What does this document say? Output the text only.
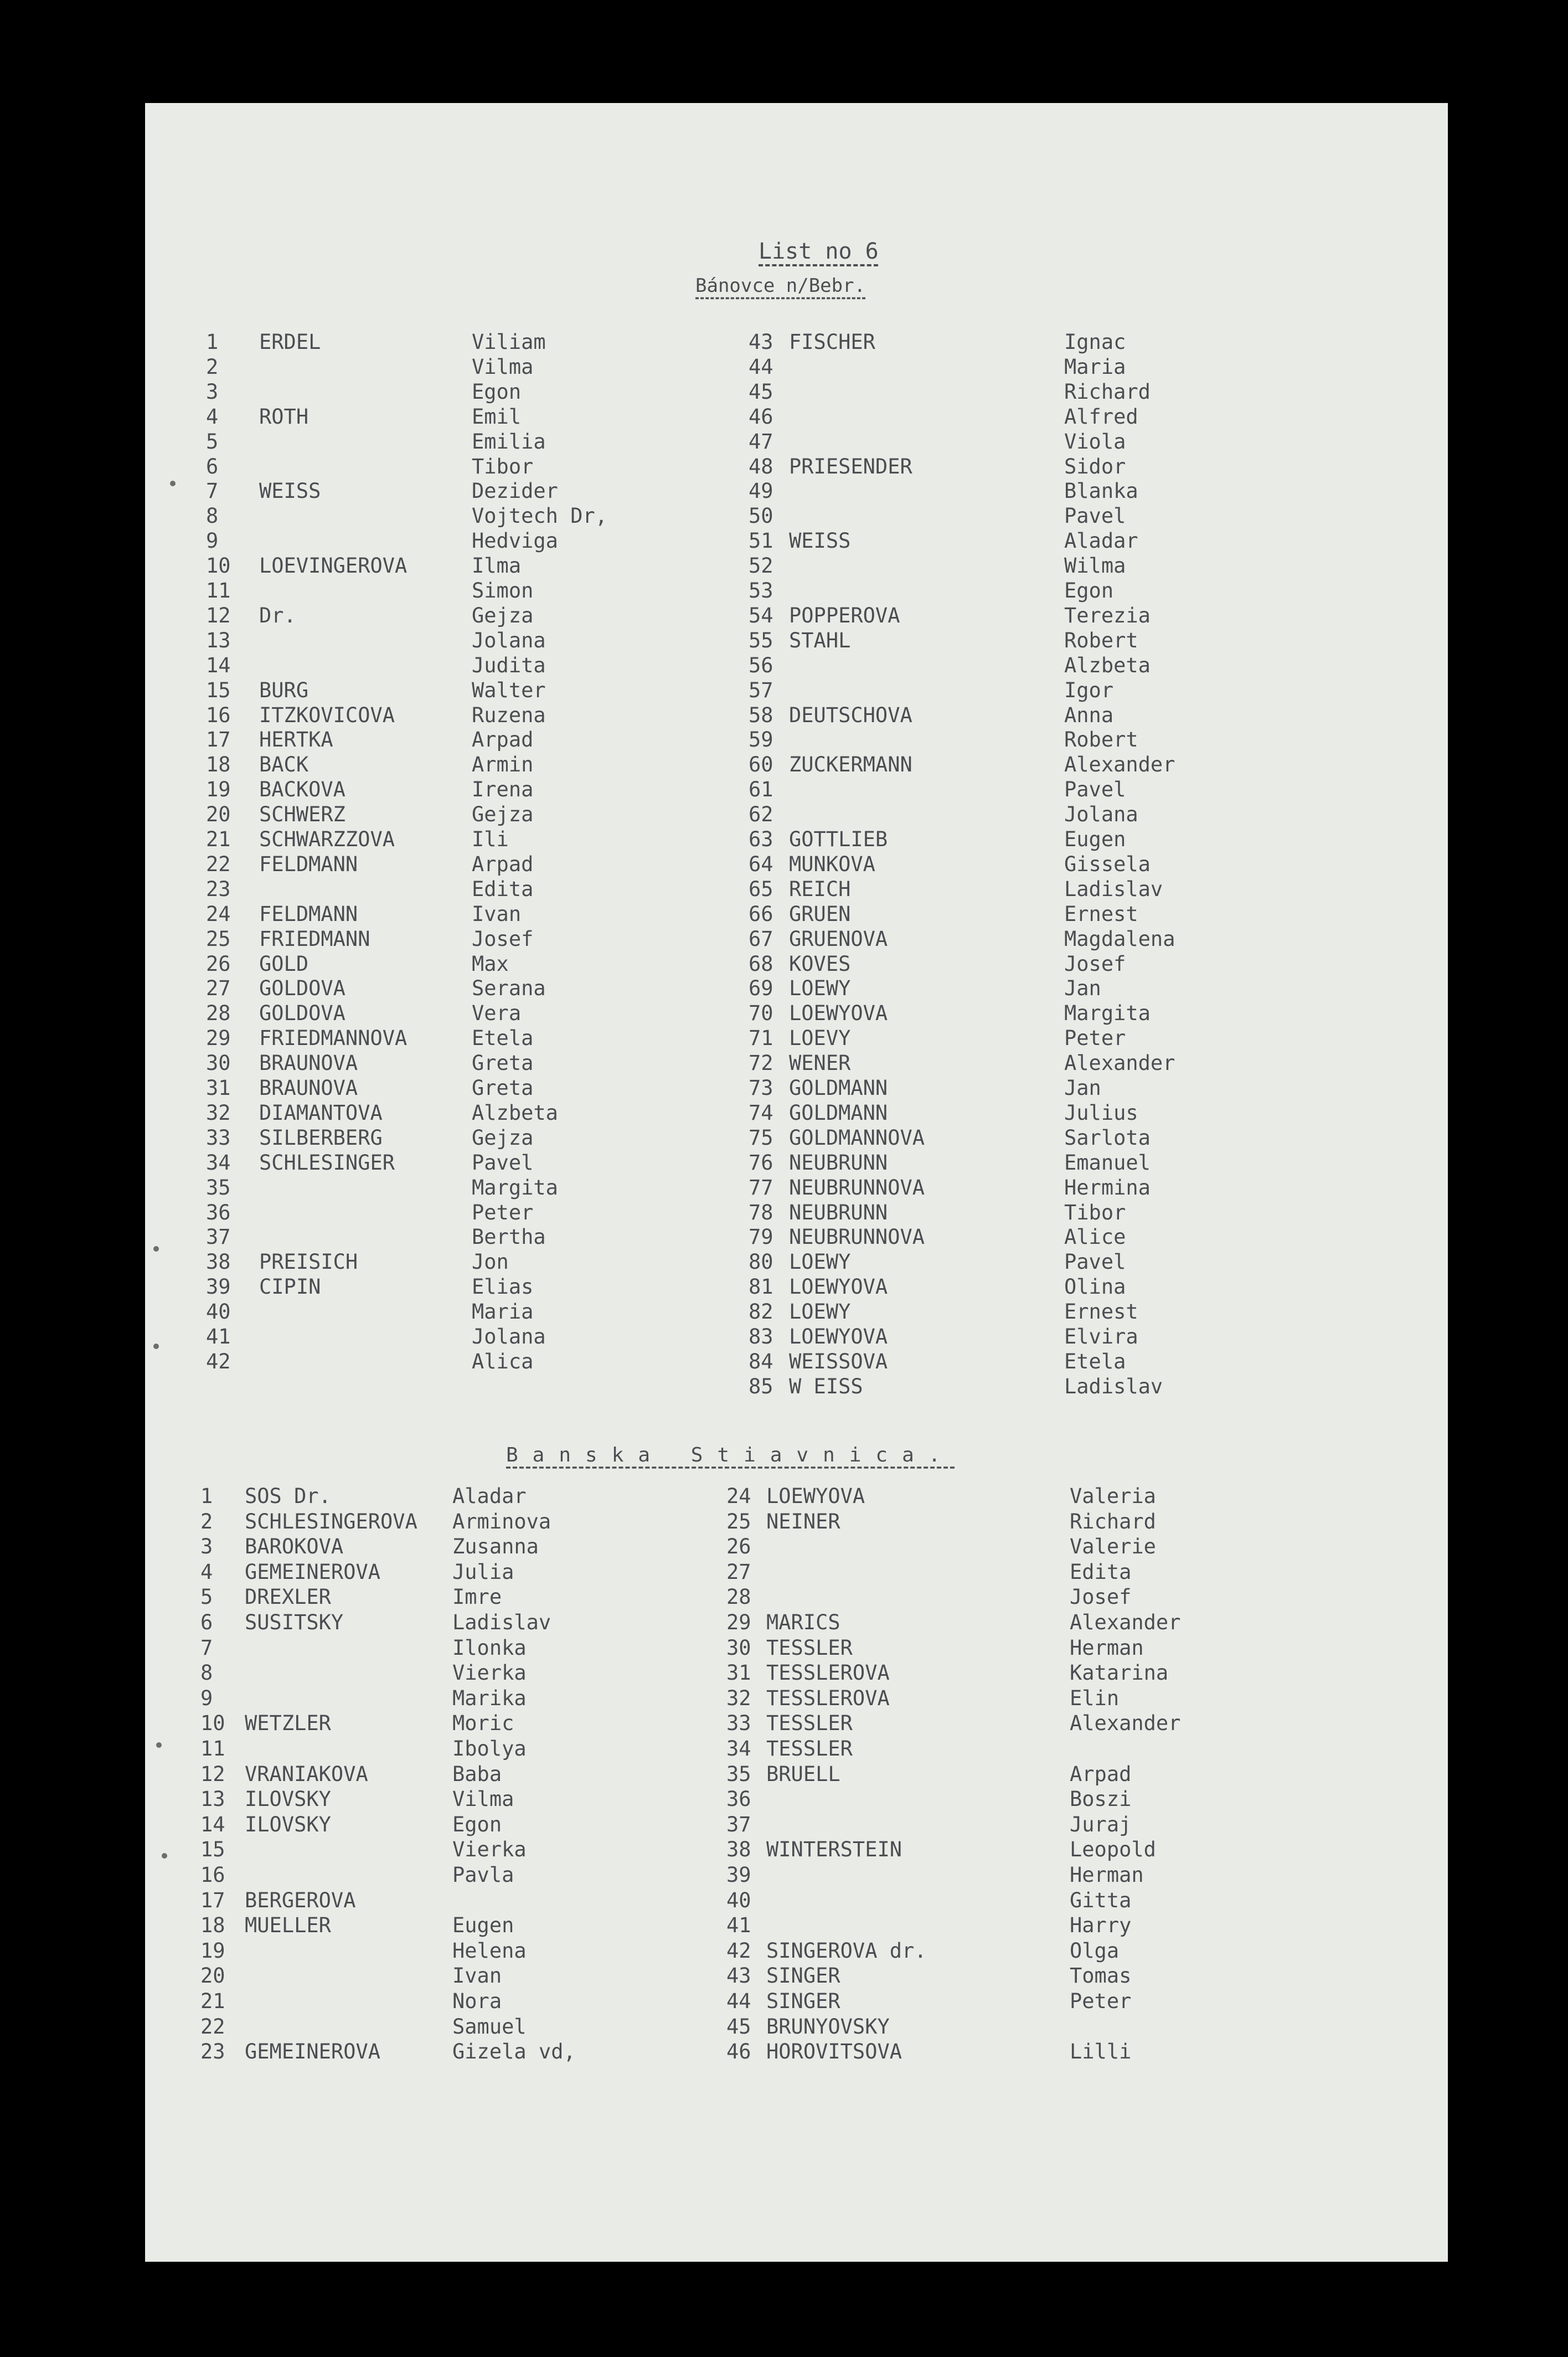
List no 6
Bánovce n/Bebr.
Banska Stiavnica.
1 ERDEL	Viliam
2	Vilma
3	Egon
4 ROTH	Emil
5	Emilia
6	Tibor
7 WEISS	Dezider
8	Vojtech Dr,
9	Hedviga
10 LOEVINGEROVA	Ilma
11	Simon
12 Dr.	Gejza
13	Jolana
14	Judita
15 BURG	Walter
16 ITZKOVICOVA	Ruzena
17 HERTKA	Arpad
18 BACK	Armin
19 BACKOVA	Irena
20 SCHWERZ	Gejza
21 SCHWARZZOVA	Ili
22 FELDMANN	Arpad
23	Edita
24 FELDMANN	Ivan
25 FRIEDMANN	Josef
26 GOLD	Max
27 GOLDOVA	Serana
28 GOLDOVA	Vera
29 FRIEDMANNOVA	Etela
30 BRAUNOVA	Greta
31 BRAUNOVA	Greta
32 DIAMANTOVA	Alzbeta
33 SILBERBERG	Gejza
34 SCHLESINGER	Pavel
35	Margita
36	Peter
37	Bertha
38 PREISICH	Jon
39 CIPIN	Elias
40	Maria
41	Jolana
42	Alica
43 FISCHER	Ignac
44	Maria
45	Richard
46	Alfred
47	Viola
48 PRIESENDER	Sidor
49	Blanka
50	Pavel
51 WEISS	Aladar
52	Wilma
53	Egon
54 POPPEROVA	Terezia
55 STAHL	Robert
56	Alzbeta
57	Igor
58 DEUTSCHOVA	Anna
59	Robert
60 ZUCKERMANN	Alexander
61	Pavel
62	Jolana
63 GOTTLIEB	Eugen
64 MUNKOVA	Gissela
65 REICH	Ladislav
66 GRUEN	Ernest
67 GRUENOVA	Magdalena
68 KOVES	Josef
69 LOEWY	Jan
70 LOEWYOVA	Margita
71 LOEVY	Peter
72 WENER	Alexander
73 GOLDMANN	Jan
74 GOLDMANN	Julius
75 GOLDMANNOVA	Sarlota
76 NEUBRUNN	Emanuel
77 NEUBRUNNOVA	Hermina
78 NEUBRUNN	Tibor
79 NEUBRUNNOVA	Alice
80 LOEWY	Pavel
81 LOEWYOVA	Olina
82 LOEWY	Ernest
83 LOEWYOVA	Elvira
84 WEISSOVA	Etela
85 W EISS	Ladislav
1 SOS Dr.	Aladar
2 SCHLESINGEROVA Arminova
3 BAROKOVA	Zusanna
4 GEMEINEROVA	Julia
5 DREXLER	Imre
6 SUSITSKY	Ladislav
7	Ilonka
8	Vierka
9	Marika
10 WETZLER	Moric
11	Ibolya
12 VRANIAKOVA	Baba
13 ILOVSKY	Vilma
14 ILOVSKY	Egon
15	Vierka
16	Pavla
17 BERGEROVA
18 MUELLER	Eugen
19	Helena
20	Ivan
21	Nora
22	Samuel
23 GEMEINEROVA	Gizela vd,
24 LOEWYOVA	Valeria
25 NEINER	Richard
26	Valerie
27	Edita
28	Josef
29 MARICS	Alexander
30 TESSLER	Herman
31 TESSLEROVA	Katarina
32 TESSLEROVA	Elin
33 TESSLER	Alexander
34 TESSLER
35 BRUELL	Arpad
36	Boszi
37	Juraj
38 WINTERSTEIN	Leopold
39	Herman
40	Gitta
41	Harry
42 SINGEROVA dr.	Olga
43 SINGER	Tomas
44 SINGER	Peter
45 BRUNYOVSKY
46 HOROVITSOVA	Lilli
